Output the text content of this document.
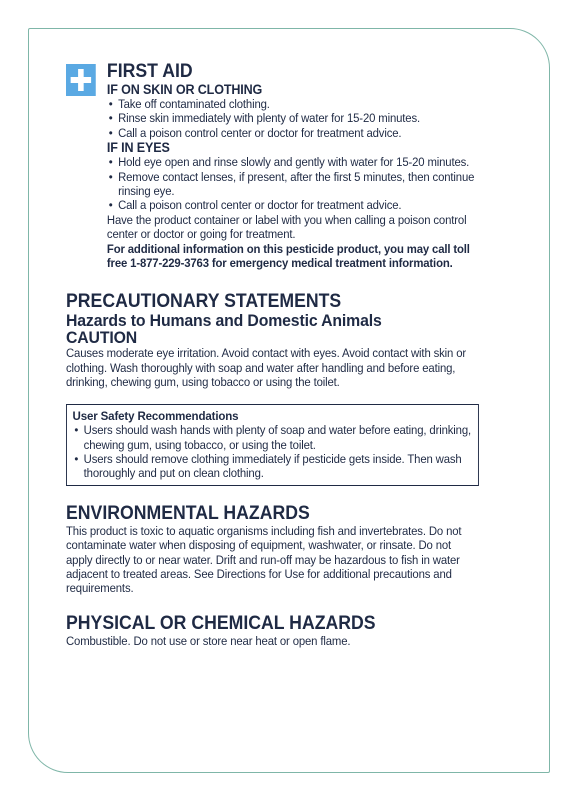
FIRST AID
IF ON SKIN OR CLOTHING
• Take off contaminated clothing.
• Rinse skin immediately with plenty of water for 15-20 minutes.
• Call a poison control center or doctor for treatment advice.
IF IN EYES
• Hold eye open and rinse slowly and gently with water for 15-20 minutes.
• Remove contact lenses, if present, after the first 5 minutes, then continue rinsing eye.
• Call a poison control center or doctor for treatment advice.
Have the product container or label with you when calling a poison control center or doctor or going for treatment.
For additional information on this pesticide product, you may call toll free 1-877-229-3763 for emergency medical treatment information.
PRECAUTIONARY STATEMENTS
Hazards to Humans and Domestic Animals
CAUTION
Causes moderate eye irritation. Avoid contact with eyes. Avoid contact with skin or clothing. Wash thoroughly with soap and water after handling and before eating, drinking, chewing gum, using tobacco or using the toilet.
User Safety Recommendations
• Users should wash hands with plenty of soap and water before eating, drinking, chewing gum, using tobacco, or using the toilet.
• Users should remove clothing immediately if pesticide gets inside. Then wash thoroughly and put on clean clothing.
ENVIRONMENTAL HAZARDS
This product is toxic to aquatic organisms including fish and invertebrates. Do not contaminate water when disposing of equipment, washwater, or rinsate. Do not apply directly to or near water. Drift and run-off may be hazardous to fish in water adjacent to treated areas. See Directions for Use for additional precautions and requirements.
PHYSICAL OR CHEMICAL HAZARDS
Combustible. Do not use or store near heat or open flame.
